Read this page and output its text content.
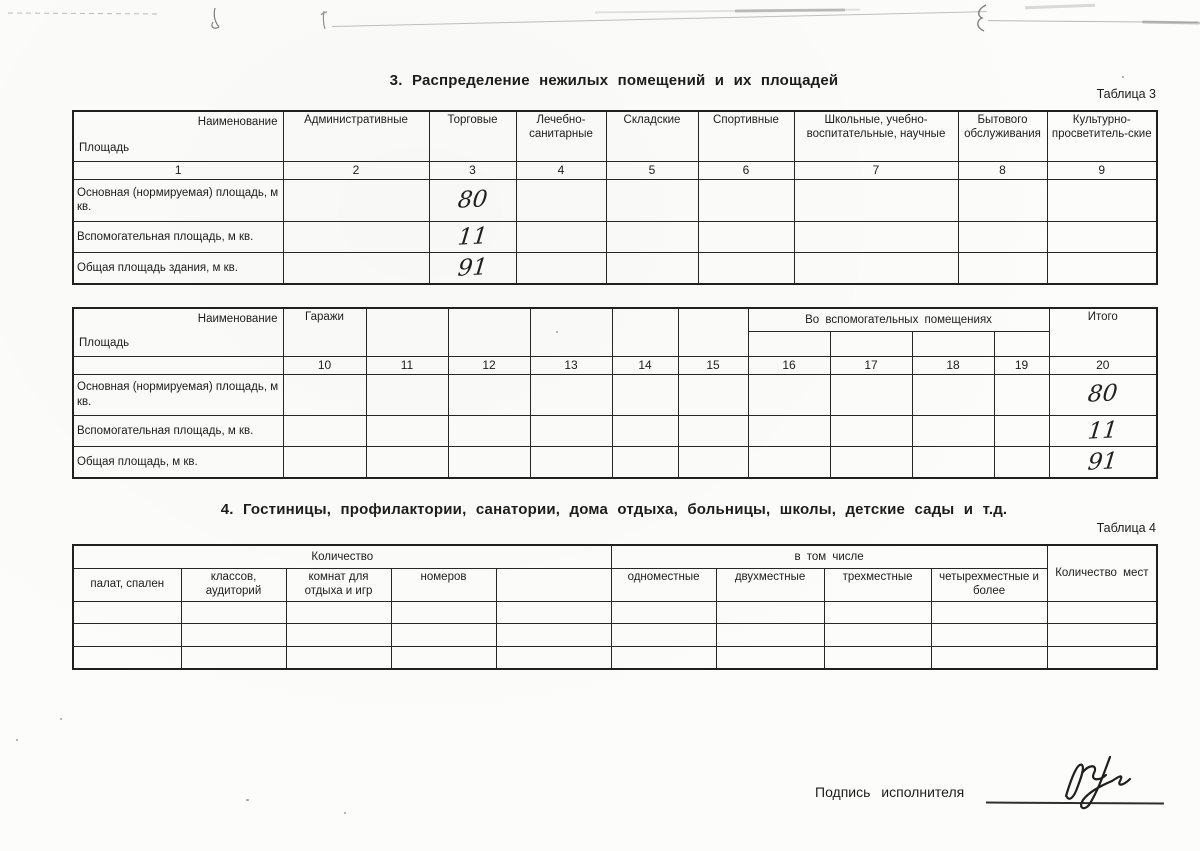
3. Распределение нежилых помещений и их площадей
Таблица 3
Наименование
Площадь	Административные	Торговые	Лечебно-санитарные	Складские	Спортивные	Школьные, учебно-воспитательные, научные	Бытового обслуживания	Культурно-просветитель-ские
1	2	3	4	5	6	7	8	9
Основная (нормируемая) площадь, м кв.		80						
Вспомогательная площадь, м кв.		11						
Общая площадь здания, м кв.		91						
Наименование
Площадь	Гаражи						Во вспомогательных помещениях				Итого

	10	11	12	13	14	15	16	17	18	19	20
Основная (нормируемая) площадь, м кв.											80
Вспомогательная площадь, м кв.											11
Общая площадь, м кв.											91
4. Гостиницы, профилактории, санатории, дома отдыха, больницы, школы, детские сады и т.д.
Таблица 4
Количество					в том числе				Количество мест
палат, спален	классов, аудиторий	комнат для отдыха и игр	номеров		одноместные	двухместные	трехместные	четырехместные и более	

Подпись исполнителя
